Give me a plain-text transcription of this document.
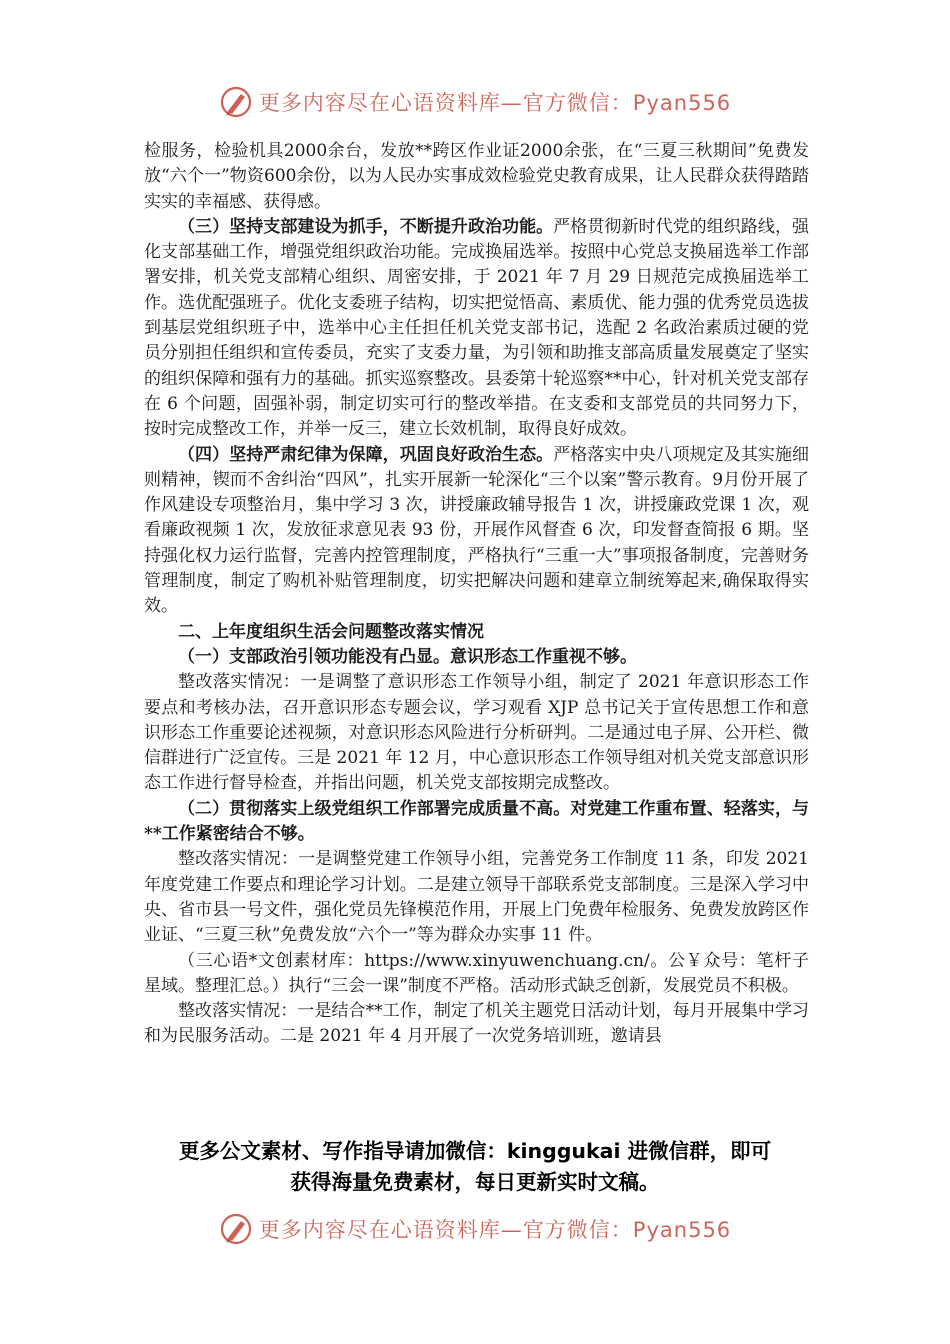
更多内容尽在心语资料库—官方微信：Pyan556
检服务，检验机具2000余台，发放**跨区作业证2000余张，在“三夏三秋期间”免费发放“六个一”物资600余份，以为人民办实事成效检验党史教育成果，让人民群众获得踏踏实实的幸福感、获得感。
（三）坚持支部建设为抓手，不断提升政治功能。严格贯彻新时代党的组织路线，强化支部基础工作，增强党组织政治功能。完成换届选举。按照中心党总支换届选举工作部署安排，机关党支部精心组织、周密安排，于 2021 年 7 月 29 日规范完成换届选举工作。选优配强班子。优化支委班子结构，切实把觉悟高、素质优、能力强的优秀党员选拔到基层党组织班子中，选举中心主任担任机关党支部书记，选配 2 名政治素质过硬的党员分别担任组织和宣传委员，充实了支委力量，为引领和助推支部高质量发展奠定了坚实的组织保障和强有力的基础。抓实巡察整改。县委第十轮巡察**中心，针对机关党支部存在 6 个问题，固强补弱，制定切实可行的整改举措。在支委和支部党员的共同努力下，按时完成整改工作，并举一反三，建立长效机制，取得良好成效。
（四）坚持严肃纪律为保障，巩固良好政治生态。严格落实中央八项规定及其实施细则精神，锲而不舍纠治“四风”，扎实开展新一轮深化“三个以案”警示教育。9月份开展了作风建设专项整治月，集中学习 3 次，讲授廉政辅导报告 1 次，讲授廉政党课 1 次，观看廉政视频 1 次，发放征求意见表 93 份，开展作风督查 6 次，印发督查简报 6 期。坚持强化权力运行监督，完善内控管理制度，严格执行“三重一大”事项报备制度，完善财务管理制度，制定了购机补贴管理制度，切实把解决问题和建章立制统筹起来,确保取得实效。
二、上年度组织生活会问题整改落实情况
（一）支部政治引领功能没有凸显。意识形态工作重视不够。
整改落实情况：一是调整了意识形态工作领导小组，制定了 2021 年意识形态工作要点和考核办法，召开意识形态专题会议，学习观看 XJP 总书记关于宣传思想工作和意识形态工作重要论述视频，对意识形态风险进行分析研判。二是通过电子屏、公开栏、微信群进行广泛宣传。三是 2021 年 12 月，中心意识形态工作领导组对机关党支部意识形态工作进行督导检查，并指出问题，机关党支部按期完成整改。
（二）贯彻落实上级党组织工作部署完成质量不高。对党建工作重布置、轻落实，与**工作紧密结合不够。
整改落实情况：一是调整党建工作领导小组，完善党务工作制度 11 条，印发 2021 年度党建工作要点和理论学习计划。二是建立领导干部联系党支部制度。三是深入学习中央、省市县一号文件，强化党员先锋模范作用，开展上门免费年检服务、免费发放跨区作业证、“三夏三秋”免费发放“六个一”等为群众办实事 11 件。
（三心语*文创素材库：https://www.xinyuwenchuang.cn/。公￥众号：笔杆子星域。整理汇总。）执行“三会一课”制度不严格。活动形式缺乏创新，发展党员不积极。
整改落实情况：一是结合**工作，制定了机关主题党日活动计划，每月开展集中学习和为民服务活动。二是 2021 年 4 月开展了一次党务培训班，邀请县
更多公文素材、写作指导请加微信：kinggukai 进微信群，即可
获得海量免费素材，每日更新实时文稿。
更多内容尽在心语资料库—官方微信：Pyan556
